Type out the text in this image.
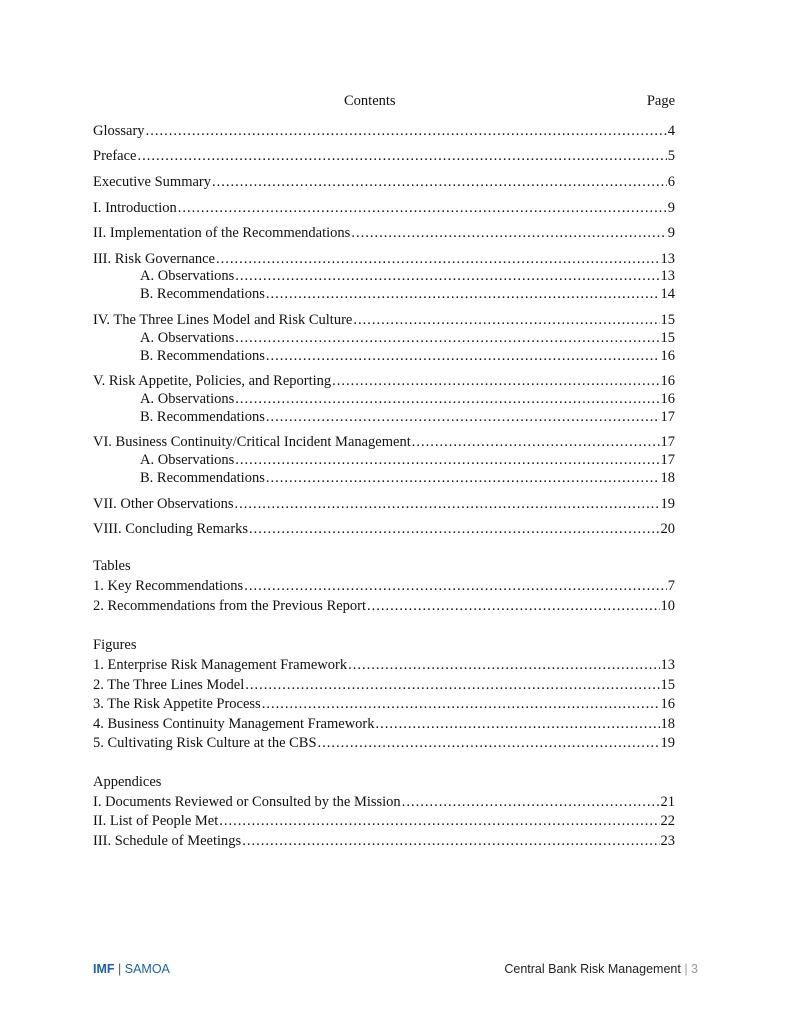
Contents	Page
Glossary .....	4
Preface .....	5
Executive Summary .....	6
I. Introduction .....	9
II. Implementation of the Recommendations .....	9
III. Risk Governance .....	13
A. Observations .....	13
B. Recommendations .....	14
IV. The Three Lines Model and Risk Culture .....	15
A. Observations .....	15
B. Recommendations .....	16
V. Risk Appetite, Policies, and Reporting .....	16
A. Observations .....	16
B. Recommendations .....	17
VI. Business Continuity/Critical Incident Management .....	17
A. Observations .....	17
B. Recommendations .....	18
VII. Other Observations .....	19
VIII. Concluding Remarks .....	20
Tables
1. Key Recommendations .....	7
2. Recommendations from the Previous Report .....	10
Figures
1. Enterprise Risk Management Framework .....	13
2. The Three Lines Model .....	15
3. The Risk Appetite Process .....	16
4. Business Continuity Management Framework .....	18
5. Cultivating Risk Culture at the CBS .....	19
Appendices
I. Documents Reviewed or Consulted by the Mission .....	21
II. List of People Met .....	22
III. Schedule of Meetings .....	23
IMF | SAMOA	Central Bank Risk Management | 3
